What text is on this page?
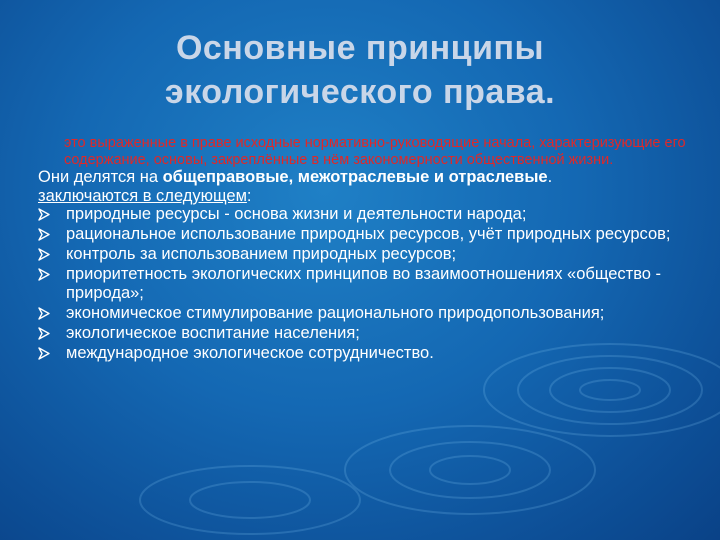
Основные принципы
экологического права.

это выраженные в праве исходные нормативно-руководящие начала, характеризующие его содержание, основы, закреплённые в нём закономерности общественной жизни.

Они делятся на общеправовые, межотраслевые и отраслевые.

заключаются в следующем:

природные ресурсы - основа жизни и деятельности народа;
рациональное использование природных ресурсов, учёт природных ресурсов;
контроль за использованием природных ресурсов;
приоритетность экологических принципов во взаимоотношениях «общество - природа»;
экономическое стимулирование рационального природопользования;
экологическое воспитание населения;
международное экологическое сотрудничество.
